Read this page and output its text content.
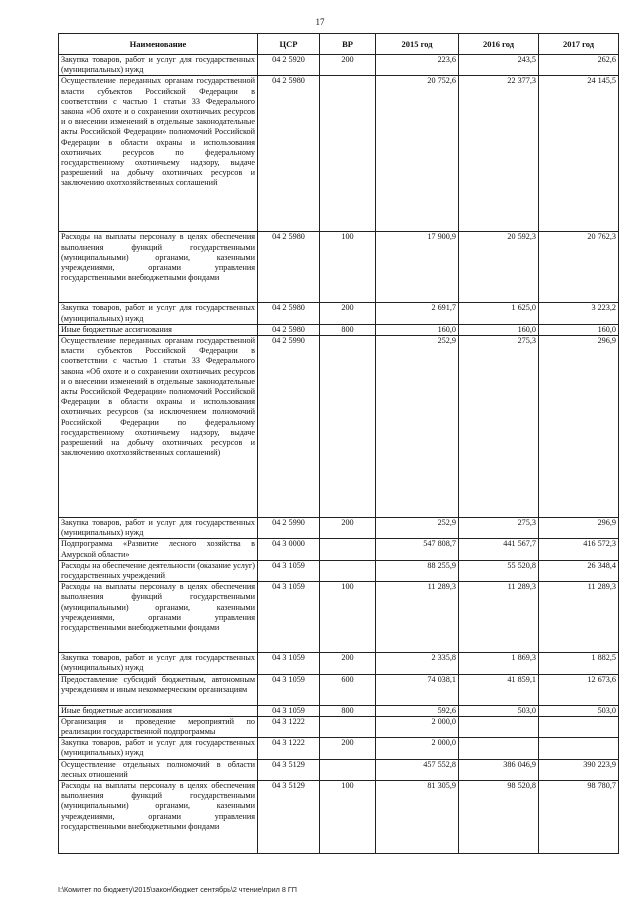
17
Наименование	ЦСР	ВР	2015 год	2016 год	2017 год
Закупка товаров, работ и услуг для государственных (муниципальных) нужд	04 2 5920	200	223,6	243,5	262,6
Осуществление переданных органам государственной власти субъектов Российской Федерации в соответствии с частью 1 статьи 33 Федерального закона «Об охоте и о сохранении охотничьих ресурсов и о внесении изменений в отдельные законодательные акты Российской Федерации» полномочий Российской Федерации в области охраны и использования охотничьих ресурсов по федеральному государственному охотничьему надзору, выдаче разрешений на добычу охотничьих ресурсов и заключению охотхозяйственных соглашений	04 2 5980		20 752,6	22 377,3	24 145,5
Расходы на выплаты персоналу в целях обеспечения выполнения функций государственными (муниципальными) органами, казенными учреждениями, органами управления государственными внебюджетными фондами	04 2 5980	100	17 900,9	20 592,3	20 762,3
Закупка товаров, работ и услуг для государственных (муниципальных) нужд	04 2 5980	200	2 691,7	1 625,0	3 223,2
Иные бюджетные ассигнования	04 2 5980	800	160,0	160,0	160,0
Осуществление переданных органам государственной власти субъектов Российской Федерации в соответствии с частью 1 статьи 33 Федерального закона «Об охоте и о сохранении охотничьих ресурсов и о внесении изменений в отдельные законодательные акты Российской Федерации» полномочий Российской Федерации в области охраны и использования охотничьих ресурсов (за исключением полномочий Российской Федерации по федеральному государственному охотничьему надзору, выдаче разрешений на добычу охотничьих ресурсов и заключению охотхозяйственных соглашений)	04 2 5990		252,9	275,3	296,9
Закупка товаров, работ и услуг для государственных (муниципальных) нужд	04 2 5990	200	252,9	275,3	296,9
Подпрограмма «Развитие лесного хозяйства в Амурской области»	04 3 0000		547 808,7	441 567,7	416 572,3
Расходы на обеспечение деятельности (оказание услуг) государственных учреждений	04 3 1059		88 255,9	55 520,8	26 348,4
Расходы на выплаты персоналу в целях обеспечения выполнения функций государственными (муниципальными) органами, казенными учреждениями, органами управления государственными внебюджетными фондами	04 3 1059	100	11 289,3	11 289,3	11 289,3
Закупка товаров, работ и услуг для государственных (муниципальных) нужд	04 3 1059	200	2 335,8	1 869,3	1 882,5
Предоставление субсидий бюджетным, автономным учреждениям и иным некоммерческим организациям	04 3 1059	600	74 038,1	41 859,1	12 673,6
Иные бюджетные ассигнования	04 3 1059	800	592,6	503,0	503,0
Организация и проведение мероприятий по реализации государственной подпрограммы	04 3 1222		2 000,0		
Закупка товаров, работ и услуг для государственных (муниципальных) нужд	04 3 1222	200	2 000,0		
Осуществление отдельных полномочий в области лесных отношений	04 3 5129		457 552,8	386 046,9	390 223,9
Расходы на выплаты персоналу в целях обеспечения выполнения функций государственными (муниципальными) органами, казенными учреждениями, органами управления государственными внебюджетными фондами	04 3 5129	100	81 305,9	98 520,8	98 780,7
I:\Комитет по бюджету\2015\закон\бюджет сентябрь\2 чтение\прил 8 ГП
